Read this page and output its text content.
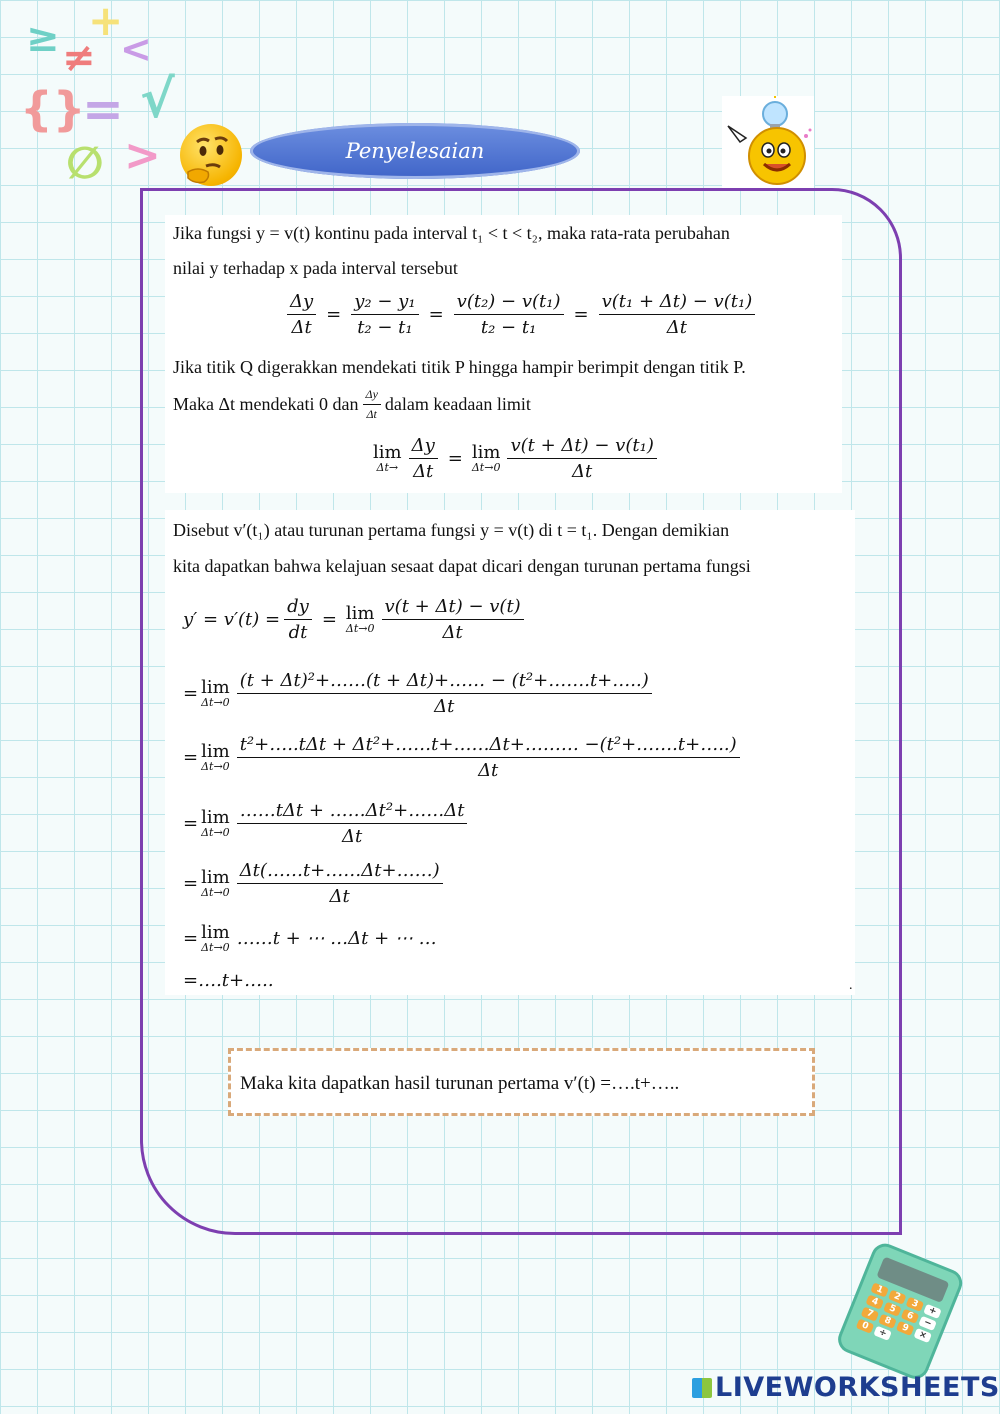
≥ +
≠ <
{}
= √
∅ >	Penyelesaian
Jika fungsi y = v(t) kontinu pada interval t₁ < t < t₂, maka rata-rata perubahan
nilai y terhadap x pada interval tersebut
$\frac{\Delta y}{\Delta t} = \frac{\text{y₂ − y₁}}{\text{t₂ − t₁}} = \frac{\text{v(t₂) − v(t₁)}}{\text{t₂ − t₁}} = \frac{\text{v(t₁ + Δt) − v(t₁)}}{\Delta t}$
Jika titik Q digerakkan mendekati titik P hingga hampir berimpit dengan titik P.
Maka Δt mendekati 0 dan $\frac{\Delta y}{\Delta t}$ dalam keadaan limit
lim
$\Delta t\to \frac{\Delta y}{\Delta t} = \lim$
$\Delta t\to 0 \frac{\text{v(t + Δt) − v(t₁)}}{\Delta t}$
Disebut v′(t₁) atau turunan pertama fungsi y = v(t) di t = t₁. Dengan demikian
kita dapatkan bahwa kelajuan sesaat dapat dicari dengan turunan pertama fungsi
$y' = v'(t) = \frac{dy}{dt} = \lim$
$\Delta t\to 0 \frac{v(t + \Delta t) - v(t)}{\Delta t}$
= lim
$\Delta t\to 0 \frac{\text{(t + Δt)²+……(t + Δt)+…… − (t²+…….t+…..)}}{\Delta t}$
= lim
$\Delta t\to 0 \frac{\text{t²+…..tΔt + Δt²+……t+……Δt+……… −(t²+…….t+…..)}}{\Delta t}$
= lim
$\Delta t\to 0 \frac{\text{……tΔt + ……Δt²+……Δt}}{\Delta t}$
= lim
$\Delta t\to 0 \frac{\Delta t(\dots\dots t+\dots\dots\Delta t+\dots\dots)}{\Delta t}$
= lim
Δt→0 ……t + ⋯ …Δt + ⋯ …
=….t+…..	.
Maka kita dapatkan hasil turunan pertama v′(t) =….t+…..
1
2
3
+
4
5
6
−
7
8
9
×
0
÷
LIVEWORKSHEETS
